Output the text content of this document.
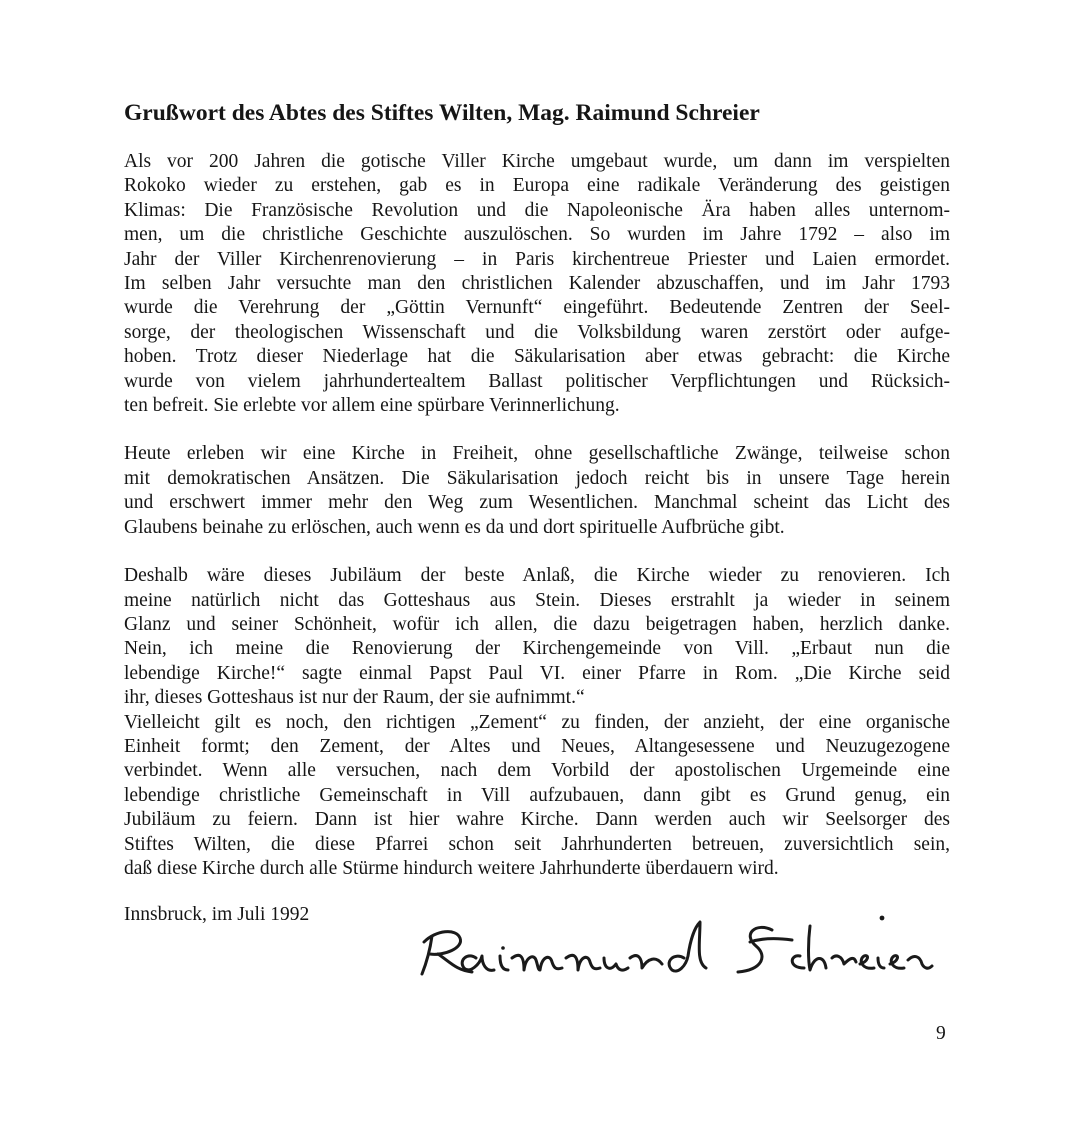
Grußwort des Abtes des Stiftes Wilten, Mag. Raimund Schreier
Als vor 200 Jahren die gotische Viller Kirche umgebaut wurde, um dann im verspielten
Rokoko wieder zu erstehen, gab es in Europa eine radikale Veränderung des geistigen
Klimas: Die Französische Revolution und die Napoleonische Ära haben alles unternom-
men, um die christliche Geschichte auszulöschen. So wurden im Jahre 1792 – also im
Jahr der Viller Kirchenrenovierung – in Paris kirchentreue Priester und Laien ermordet.
Im selben Jahr versuchte man den christlichen Kalender abzuschaffen, und im Jahr 1793
wurde die Verehrung der „Göttin Vernunft“ eingeführt. Bedeutende Zentren der Seel-
sorge, der theologischen Wissenschaft und die Volksbildung waren zerstört oder aufge-
hoben. Trotz dieser Niederlage hat die Säkularisation aber etwas gebracht: die Kirche
wurde von vielem jahrhundertealtem Ballast politischer Verpflichtungen und Rücksich-
ten befreit. Sie erlebte vor allem eine spürbare Verinnerlichung.
Heute erleben wir eine Kirche in Freiheit, ohne gesellschaftliche Zwänge, teilweise schon
mit demokratischen Ansätzen. Die Säkularisation jedoch reicht bis in unsere Tage herein
und erschwert immer mehr den Weg zum Wesentlichen. Manchmal scheint das Licht des
Glaubens beinahe zu erlöschen, auch wenn es da und dort spirituelle Aufbrüche gibt.
Deshalb wäre dieses Jubiläum der beste Anlaß, die Kirche wieder zu renovieren. Ich
meine natürlich nicht das Gotteshaus aus Stein. Dieses erstrahlt ja wieder in seinem
Glanz und seiner Schönheit, wofür ich allen, die dazu beigetragen haben, herzlich danke.
Nein, ich meine die Renovierung der Kirchengemeinde von Vill. „Erbaut nun die
lebendige Kirche!“ sagte einmal Papst Paul VI. einer Pfarre in Rom. „Die Kirche seid
ihr, dieses Gotteshaus ist nur der Raum, der sie aufnimmt.“
Vielleicht gilt es noch, den richtigen „Zement“ zu finden, der anzieht, der eine organische
Einheit formt; den Zement, der Altes und Neues, Altangesessene und Neuzugezogene
verbindet. Wenn alle versuchen, nach dem Vorbild der apostolischen Urgemeinde eine
lebendige christliche Gemeinschaft in Vill aufzubauen, dann gibt es Grund genug, ein
Jubiläum zu feiern. Dann ist hier wahre Kirche. Dann werden auch wir Seelsorger des
Stiftes Wilten, die diese Pfarrei schon seit Jahrhunderten betreuen, zuversichtlich sein,
daß diese Kirche durch alle Stürme hindurch weitere Jahrhunderte überdauern wird.
Innsbruck, im Juli 1992
9
